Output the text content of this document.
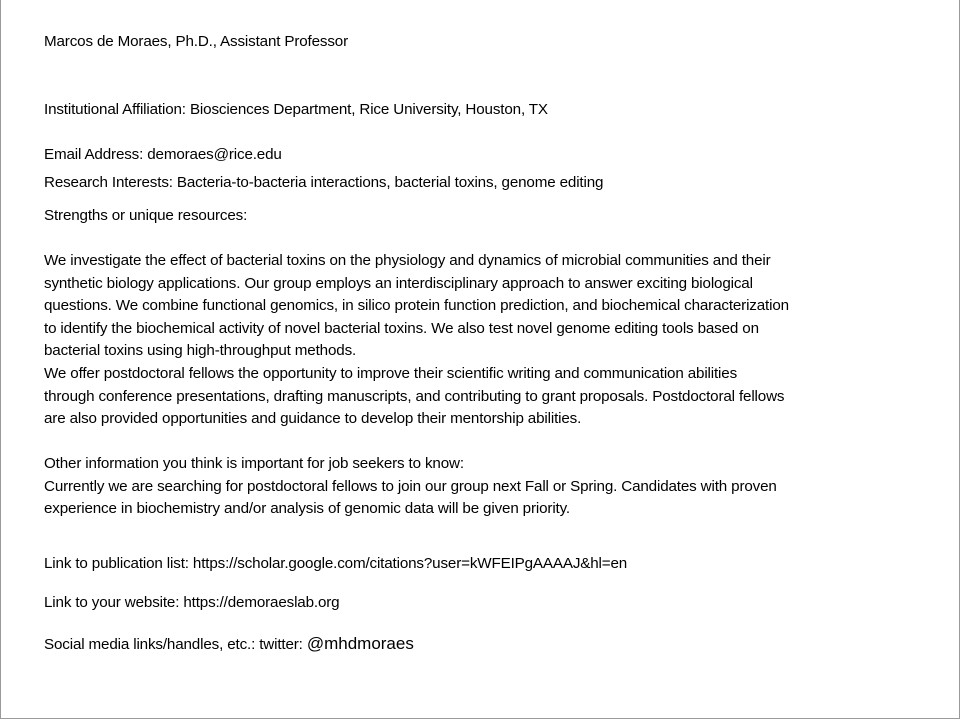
Marcos de Moraes, Ph.D., Assistant Professor

Institutional Affiliation: Biosciences Department, Rice University, Houston, TX

Email Address: demoraes@rice.edu

Research Interests: Bacteria-to-bacteria interactions, bacterial toxins, genome editing

Strengths or unique resources:

We investigate the effect of bacterial toxins on the physiology and dynamics of microbial communities and their
synthetic biology applications. Our group employs an interdisciplinary approach to answer exciting biological
questions. We combine functional genomics, in silico protein function prediction, and biochemical characterization
to identify the biochemical activity of novel bacterial toxins. We also test novel genome editing tools based on
bacterial toxins using high-throughput methods.
We offer postdoctoral fellows the opportunity to improve their scientific writing and communication abilities
through conference presentations, drafting manuscripts, and contributing to grant proposals. Postdoctoral fellows
are also provided opportunities and guidance to develop their mentorship abilities.
Other information you think is important for job seekers to know:
Currently we are searching for postdoctoral fellows to join our group next Fall or Spring. Candidates with proven
experience in biochemistry and/or analysis of genomic data will be given priority.

Link to publication list: https://scholar.google.com/citations?user=kWFEIPgAAAAJ&hl=en

Link to your website: https://demoraeslab.org

Social media links/handles, etc.: twitter: @mhdmoraes
